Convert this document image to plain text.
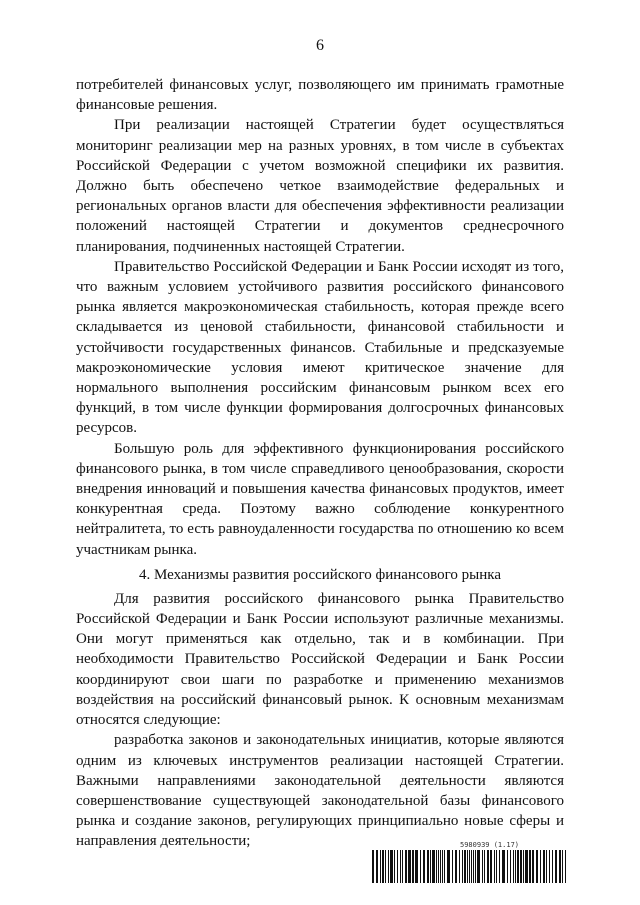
6

потребителей финансовых услуг, позволяющего им принимать грамотные финансовые решения.

При реализации настоящей Стратегии будет осуществляться мониторинг реализации мер на разных уровнях, в том числе в субъектах Российской Федерации с учетом возможной специфики их развития. Должно быть обеспечено четкое взаимодействие федеральных и региональных органов власти для обеспечения эффективности реализации положений настоящей Стратегии и документов среднесрочного планирования, подчиненных настоящей Стратегии.

Правительство Российской Федерации и Банк России исходят из того, что важным условием устойчивого развития российского финансового рынка является макроэкономическая стабильность, которая прежде всего складывается из ценовой стабильности, финансовой стабильности и устойчивости государственных финансов. Стабильные и предсказуемые макроэкономические условия имеют критическое значение для нормального выполнения российским финансовым рынком всех его функций, в том числе функции формирования долгосрочных финансовых ресурсов.

Большую роль для эффективного функционирования российского финансового рынка, в том числе справедливого ценообразования, скорости внедрения инноваций и повышения качества финансовых продуктов, имеет конкурентная среда. Поэтому важно соблюдение конкурентного нейтралитета, то есть равноудаленности государства по отношению ко всем участникам рынка.

4. Механизмы развития российского финансового рынка

Для развития российского финансового рынка Правительство Российской Федерации и Банк России используют различные механизмы. Они могут применяться как отдельно, так и в комбинации. При необходимости Правительство Российской Федерации и Банк России координируют свои шаги по разработке и применению механизмов воздействия на российский финансовый рынок. К основным механизмам относятся следующие:

разработка законов и законодательных инициатив, которые являются одним из ключевых инструментов реализации настоящей Стратегии. Важными направлениями законодательной деятельности являются совершенствование существующей законодательной базы финансового рынка и создание законов, регулирующих принципиально новые сферы и направления деятельности;	5980939 (1.17)
